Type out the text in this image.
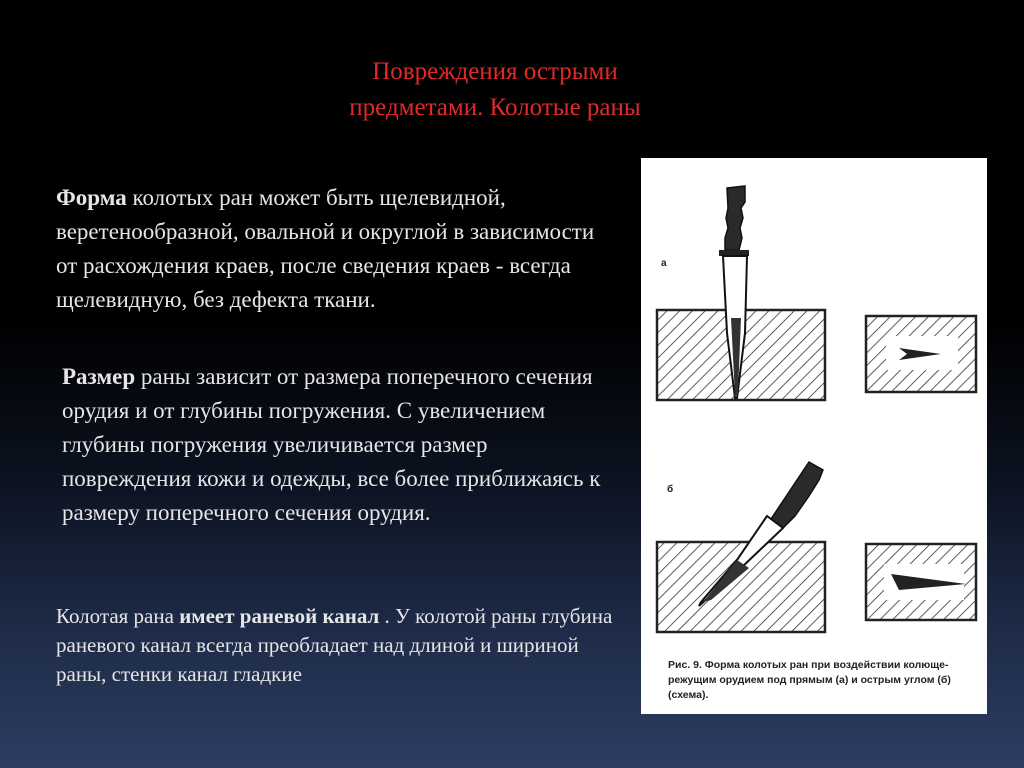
Повреждения острыми
предметами. Колотые раны

Форма колотых ран может быть щелевидной, веретенообразной, овальной и округлой в зависимости от расхождения краев, после сведения краев - всегда щелевидную, без дефекта ткани.

Размер раны зависит от размера поперечного сечения орудия и от глубины погружения. С увеличением глубины погружения увеличивается размер повреждения кожи и одежды, все более приближаясь к размеру поперечного сечения орудия.

Колотая рана имеет раневой канал . У колотой раны глубина раневого канал всегда преобладает над длиной и шириной раны, стенки канал гладкие

а
б

Рис. 9. Форма колотых ран при воздействии колюще-режущим орудием под прямым (а) и острым углом (б) (схема).
